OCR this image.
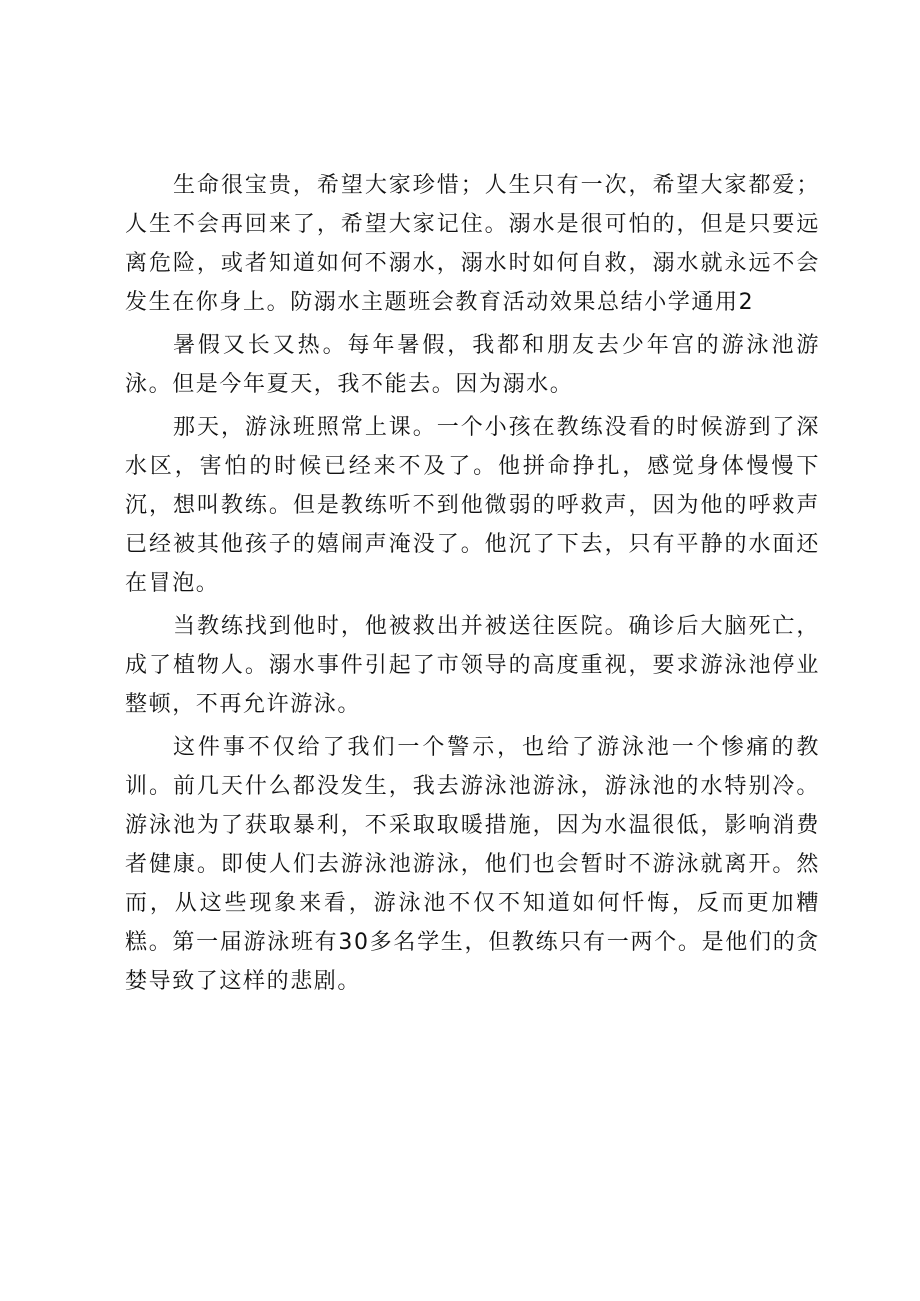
生命很宝贵，希望大家珍惜；人生只有一次，希望大家都爱；人生不会再回来了，希望大家记住。溺水是很可怕的，但是只要远离危险，或者知道如何不溺水，溺水时如何自救，溺水就永远不会发生在你身上。防溺水主题班会教育活动效果总结小学通用2

暑假又长又热。每年暑假，我都和朋友去少年宫的游泳池游泳。但是今年夏天，我不能去。因为溺水。

那天，游泳班照常上课。一个小孩在教练没看的时候游到了深水区，害怕的时候已经来不及了。他拼命挣扎，感觉身体慢慢下沉，想叫教练。但是教练听不到他微弱的呼救声，因为他的呼救声已经被其他孩子的嬉闹声淹没了。他沉了下去，只有平静的水面还在冒泡。

当教练找到他时，他被救出并被送往医院。确诊后大脑死亡，成了植物人。溺水事件引起了市领导的高度重视，要求游泳池停业整顿，不再允许游泳。

这件事不仅给了我们一个警示，也给了游泳池一个惨痛的教训。前几天什么都没发生，我去游泳池游泳，游泳池的水特别冷。游泳池为了获取暴利，不采取取暖措施，因为水温很低，影响消费者健康。即使人们去游泳池游泳，他们也会暂时不游泳就离开。然而，从这些现象来看，游泳池不仅不知道如何忏悔，反而更加糟糕。第一届游泳班有30多名学生，但教练只有一两个。是他们的贪婪导致了这样的悲剧。
